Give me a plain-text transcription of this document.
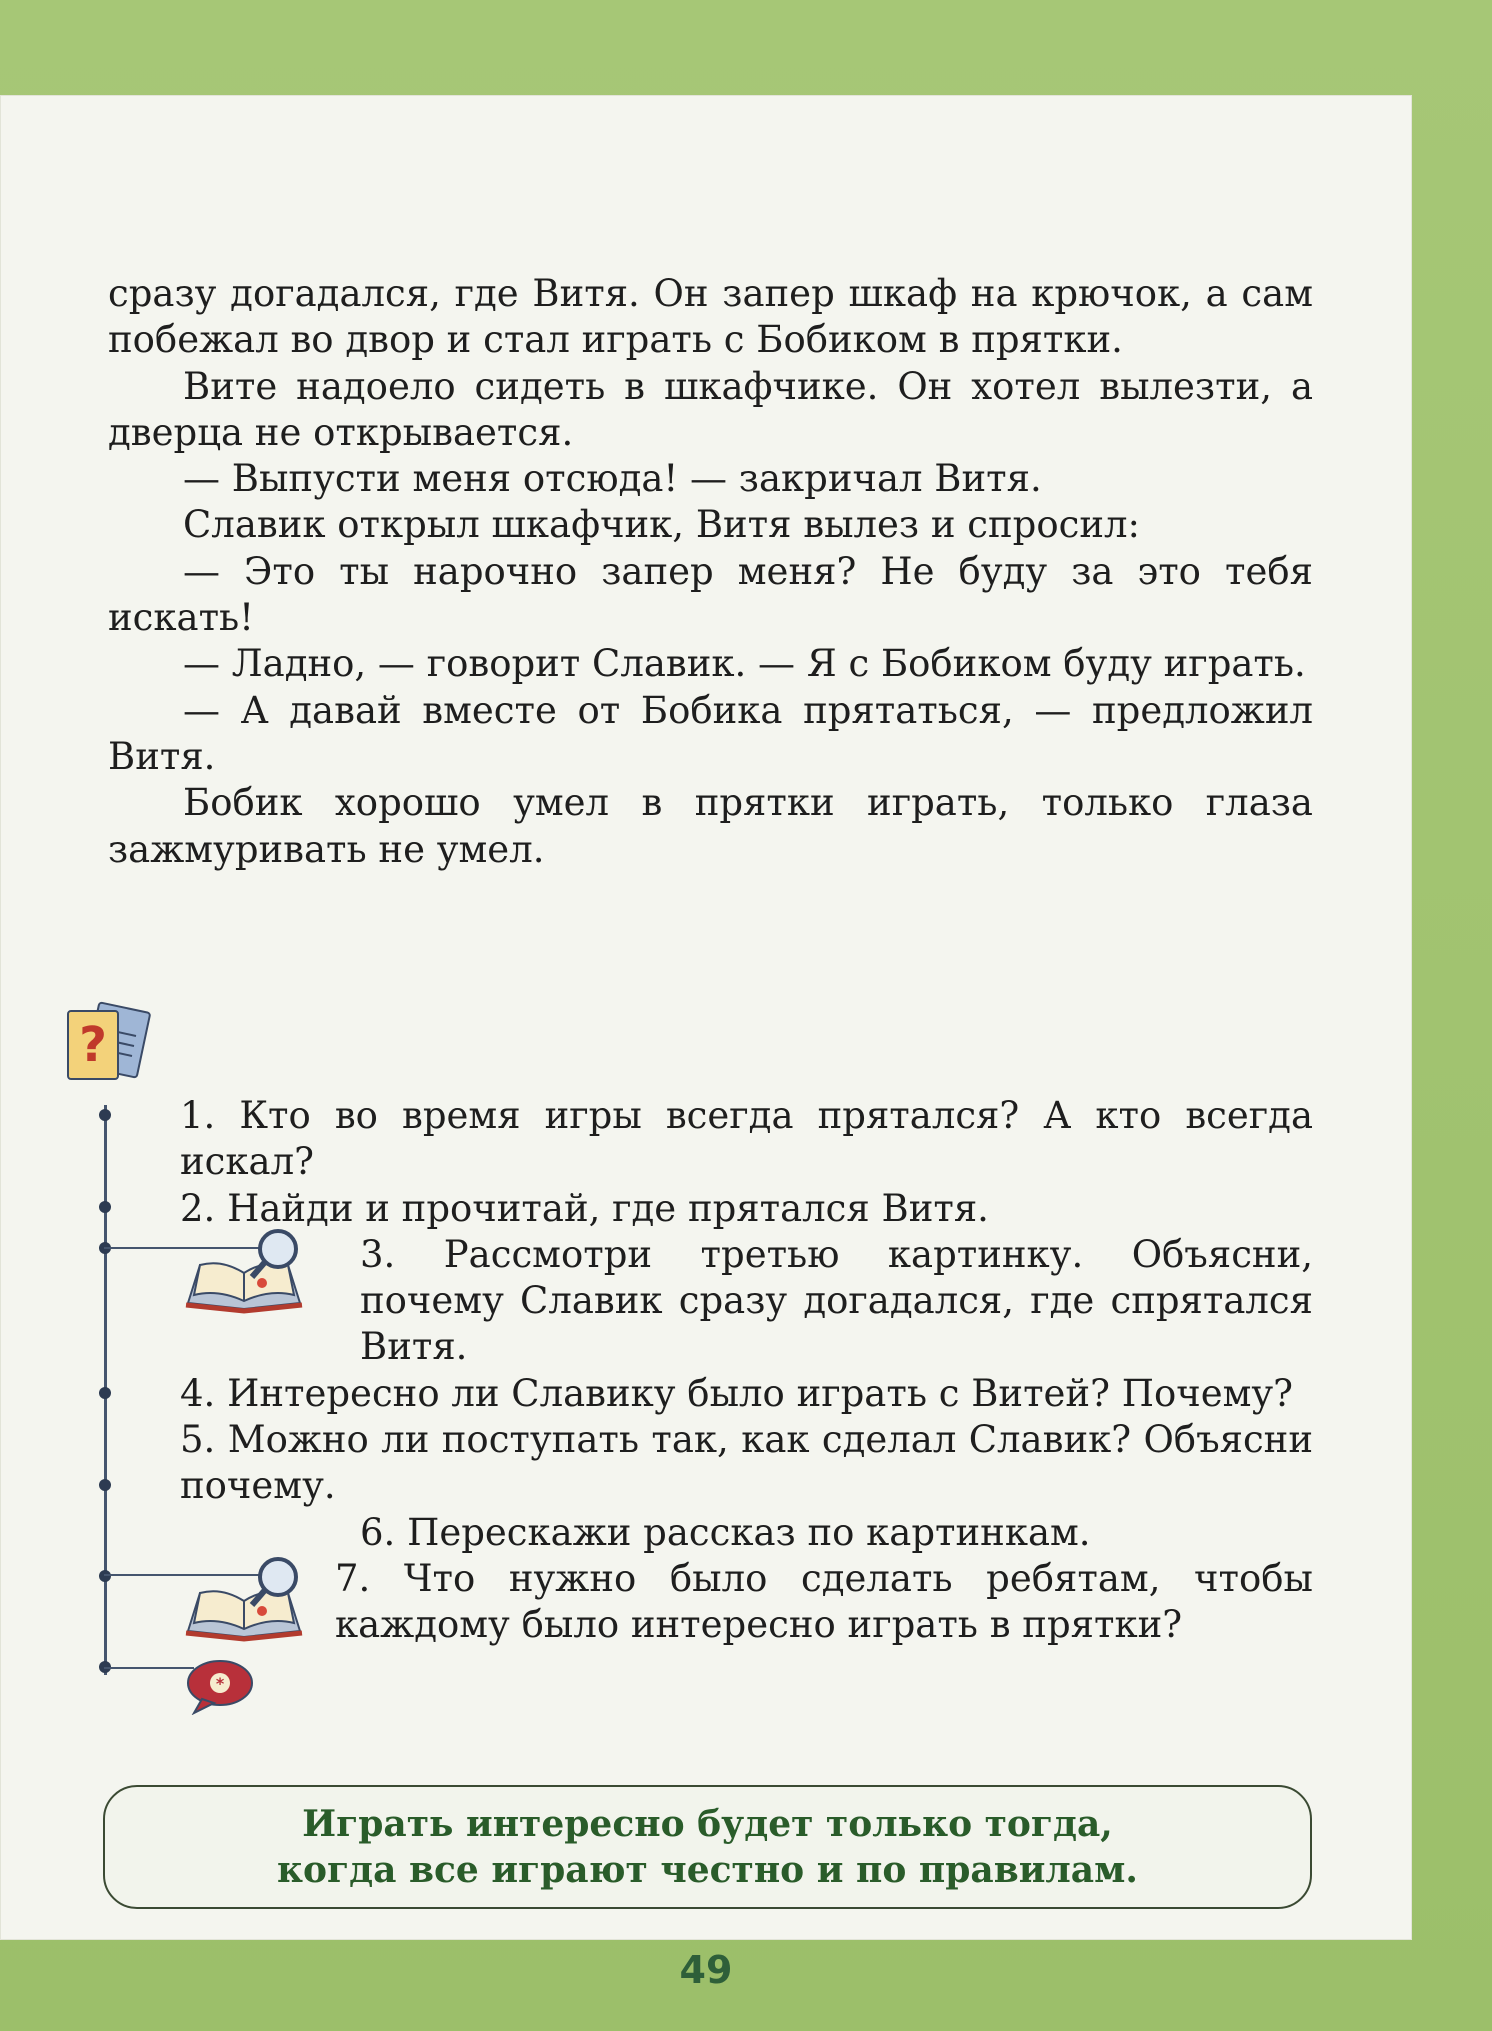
сразу догадался, где Витя. Он запер шкаф на крючок, а сам побежал во двор и стал играть с Бобиком в прятки.

Вите надоело сидеть в шкафчике. Он хотел вылезти, а дверца не открывается.

— Выпусти меня отсюда! — закричал Витя.

Славик открыл шкафчик, Витя вылез и спросил:

— Это ты нарочно запер меня? Не буду за это тебя искать!

— Ладно, — говорит Славик. — Я с Бобиком буду играть.

— А давай вместе от Бобика прятаться, — предложил Витя.

Бобик хорошо умел в прятки играть, только глаза зажмуривать не умел.

?
*

1. Кто во время игры всегда прятался? А кто всегда искал?

2. Найди и прочитай, где прятался Витя.

3. Рассмотри третью картинку. Объясни, почему Славик сразу догадался, где спрятался Витя.

4. Интересно ли Славику было играть с Витей? Почему?

5. Можно ли поступать так, как сделал Славик? Объясни почему.

6. Перескажи рассказ по картинкам.

7. Что нужно было сделать ребятам, чтобы каждому было интересно играть в прятки?

Играть интересно будет только тогда,
когда все играют честно и по правилам.
49
